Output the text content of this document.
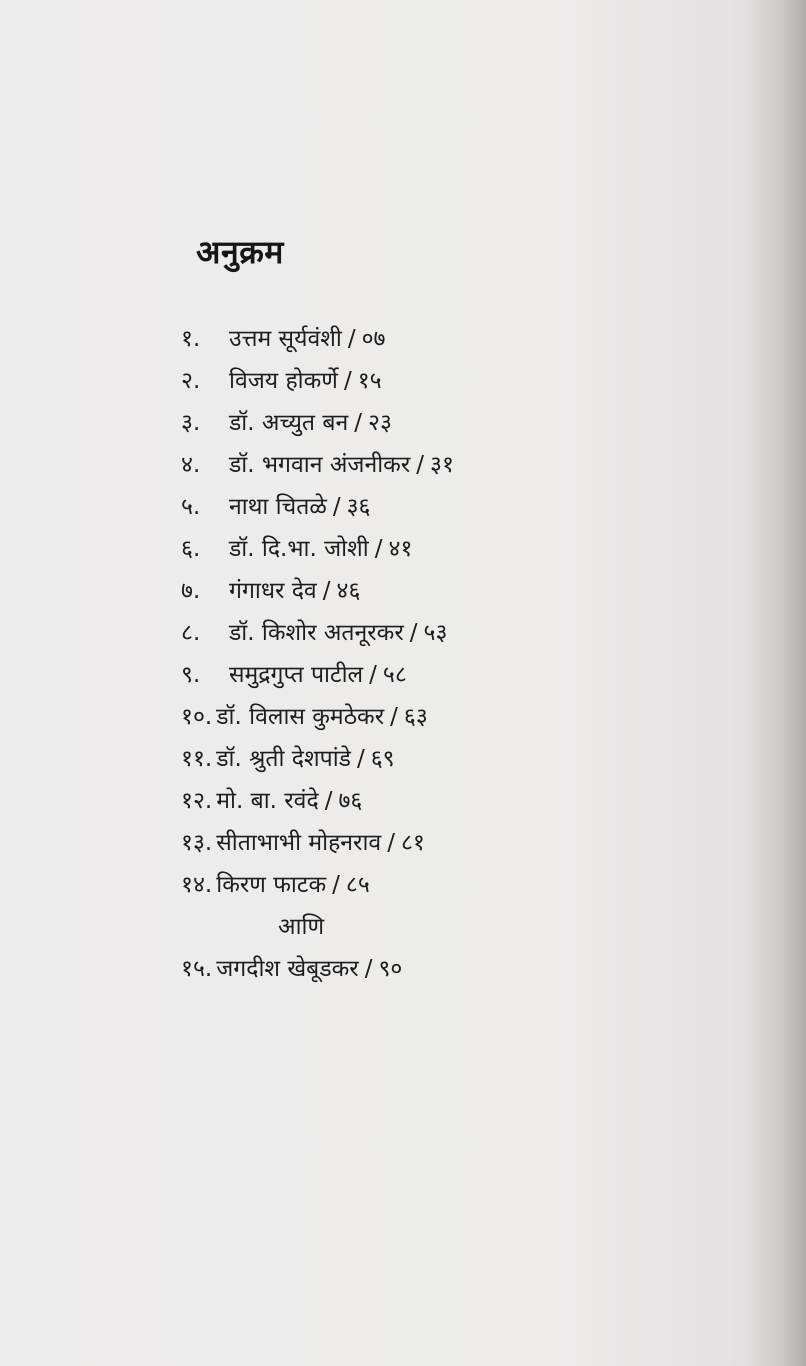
अनुक्रम
१. उत्तम सूर्यवंशी / ०७
२. विजय होकर्णे / १५
३. डॉ. अच्युत बन / २३
४. डॉ. भगवान अंजनीकर / ३१
५. नाथा चितळे / ३६
६. डॉ. दि.भा. जोशी / ४१
७. गंगाधर देव / ४६
८. डॉ. किशोर अतनूरकर / ५३
९. समुद्रगुप्त पाटील / ५८
१०. डॉ. विलास कुमठेकर / ६३
११. डॉ. श्रुती देशपांडे / ६९
१२. मो. बा. रवंदे / ७६
१३. सीताभाभी मोहनराव / ८१
१४. किरण फाटक / ८५
आणि
१५. जगदीश खेबूडकर / ९०
